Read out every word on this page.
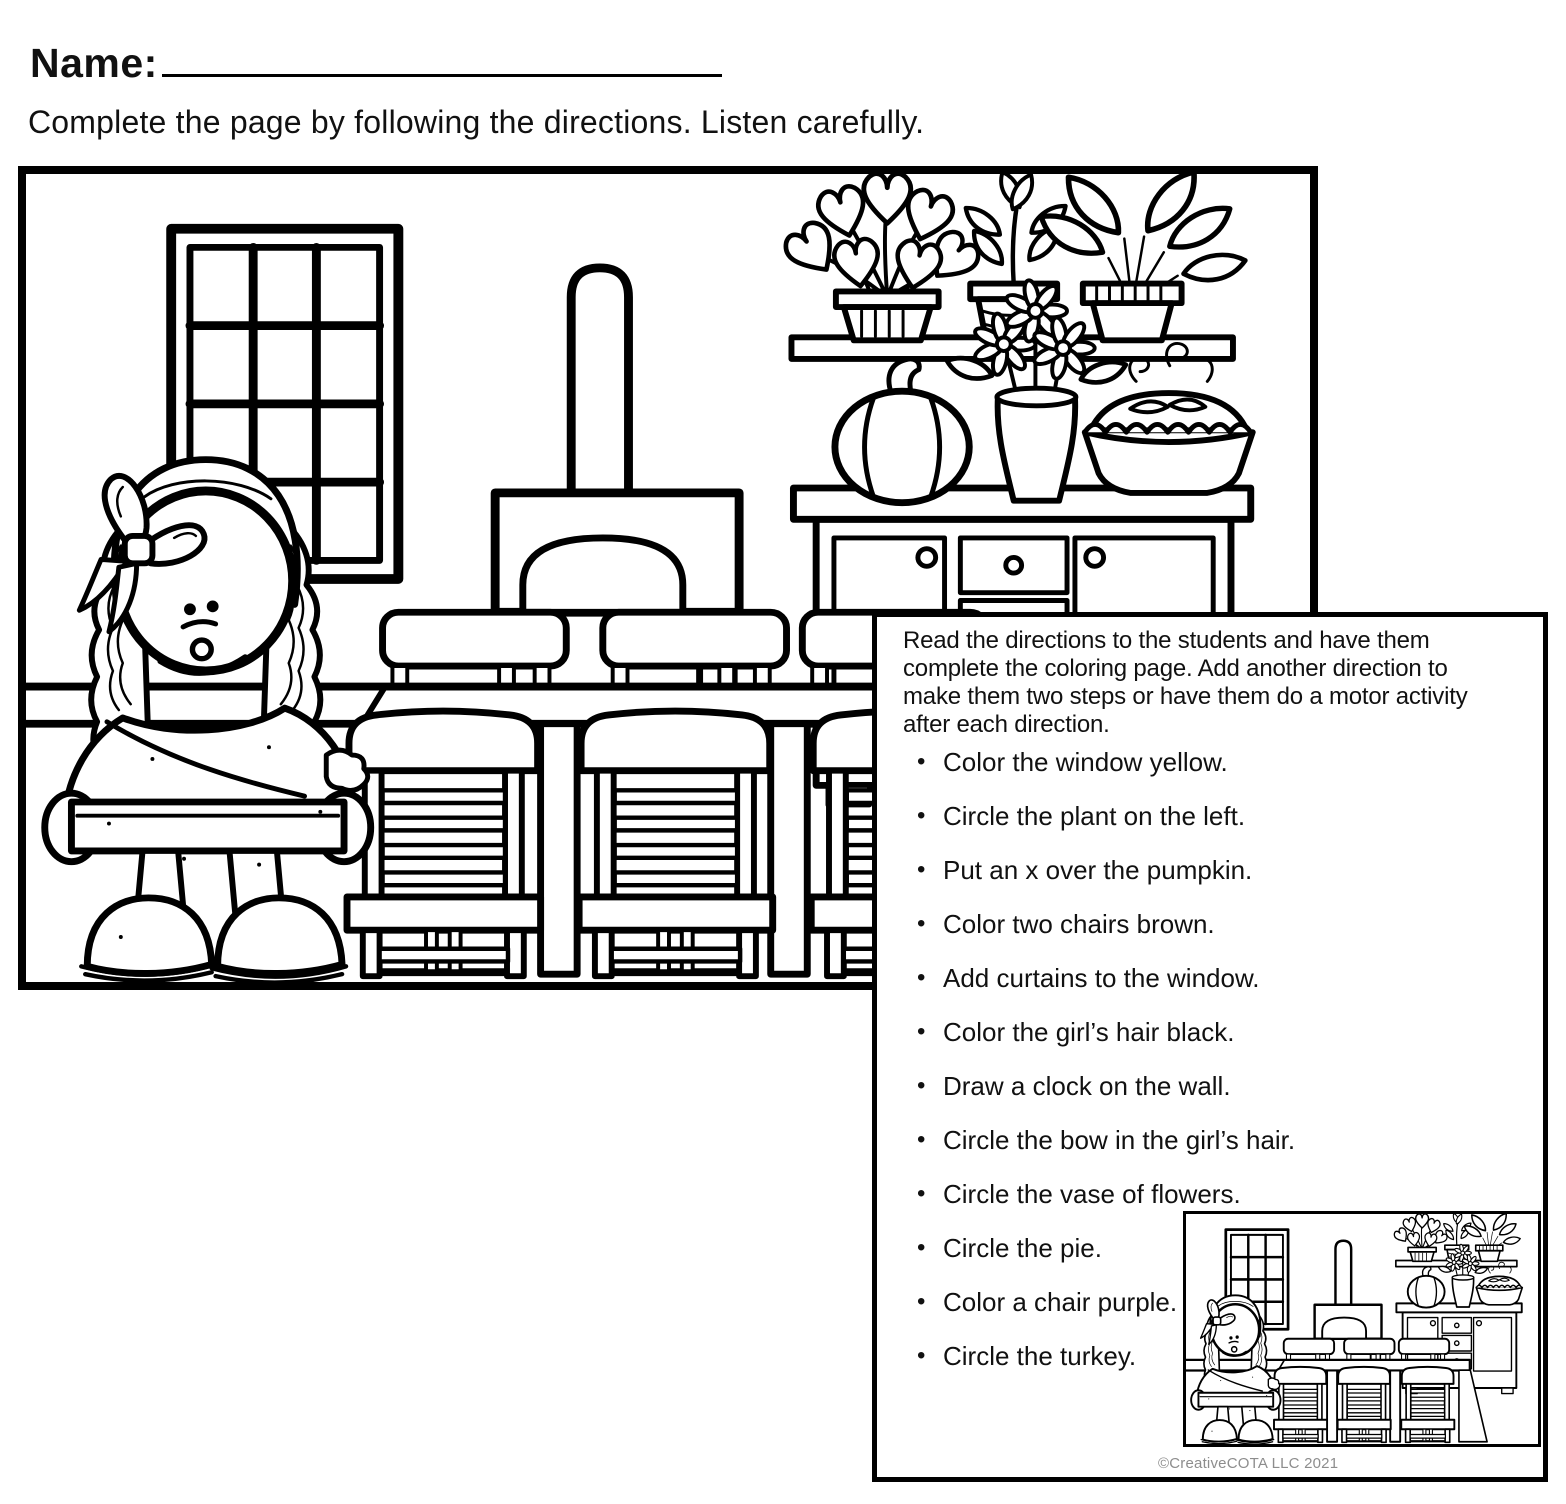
Name:
Complete the page by following the directions. Listen carefully.
Read the directions to the students and have them
complete the coloring page. Add another direction to
make them two steps or have them do a motor activity
after each direction.
• Color the window yellow.
• Circle the plant on the left.
• Put an x over the pumpkin.
• Color two chairs brown.
• Add curtains to the window.
• Color the girl’s hair black.
• Draw a clock on the wall.
• Circle the bow in the girl’s hair.
• Circle the vase of flowers.
• Circle the pie.
• Color a chair purple.
• Circle the turkey.
©CreativeCOTA LLC 2021
